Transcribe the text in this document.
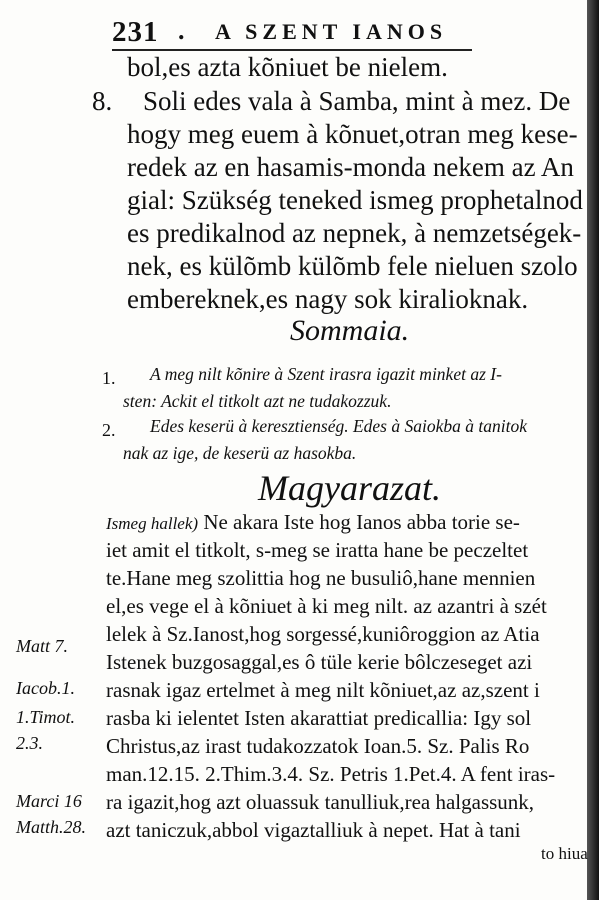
231 . A SZENT IANOS
bol,es azta kõniuet be nielem.
8. Soli edes vala à Samba, mint à mez. De
hogy meg euem à kõnuet,otran meg kese-
redek az en hasamis-monda nekem az An
gial: Szükség teneked ismeg prophetalnod
es predikalnod az nepnek, à nemzetségek-
nek, es külõmb külõmb fele nieluen szolo
embereknek,es nagy sok kiralioknak.
Sommaia.
1. A meg nilt kõnire à Szent irasra igazit minket az I-
sten: Ackit el titkolt azt ne tudakozzuk.
2. Edes keserü à keresztienség. Edes à Saiokba à tanitok
nak az ige, de keserü az hasokba.
Magyarazat.
Ismeg hallek) Ne akara Iste hog Ianos abba torie se-
iet amit el titkolt, s-meg se iratta hane be peczeltet
te.Hane meg szolittia hog ne busuliô,hane mennien
el,es vege el à kõniuet à ki meg nilt. az azantri à szét
lelek à Sz.Ianost,hog sorgessé,kuniôroggion az Atia
Istenek buzgosaggal,es ô tüle kerie bôlczeseget azi
rasnak igaz ertelmet à meg nilt kõniuet,az az,szent i
rasba ki ielentet Isten akarattiat predicallia: Igy sol
Christus,az irast tudakozzatok Ioan.5. Sz. Palis Ro
man.12.15. 2.Thim.3.4. Sz. Petris 1.Pet.4. A fent iras-
ra igazit,hog azt oluassuk tanulliuk,rea halgassunk,
azt taniczuk,abbol vigaztalliuk à nepet. Hat à tani
to hiua
Matt 7.
Iacob.1.
1.Timot.
2.3.
Marci 16
Matth.28.
